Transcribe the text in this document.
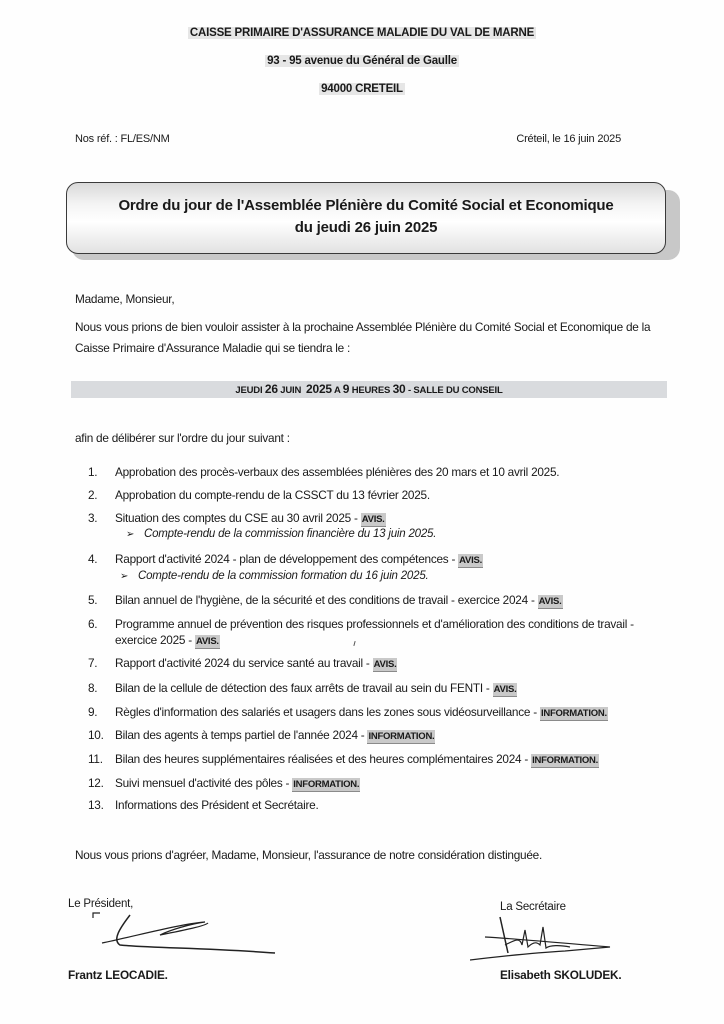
CAISSE PRIMAIRE D'ASSURANCE MALADIE DU VAL DE MARNE
93 - 95 avenue du Général de Gaulle
94000 CRETEIL
Nos réf. : FL/ES/NM	Créteil, le 16 juin 2025
Ordre du jour de l'Assemblée Plénière du Comité Social et Economique
du jeudi 26 juin 2025
Madame, Monsieur,
Nous vous prions de bien vouloir assister à la prochaine Assemblée Plénière du Comité Social et Economique de la Caisse Primaire d'Assurance Maladie qui se tiendra le :
JEUDI 26 JUIN 2025 A 9 HEURES 30 - SALLE DU CONSEIL
afin de délibérer sur l'ordre du jour suivant :
1.	Approbation des procès-verbaux des assemblées plénières des 20 mars et 10 avril 2025.
2.	Approbation du compte-rendu de la CSSCT du 13 février 2025.
3.	Situation des comptes du CSE au 30 avril 2025 - AVIS.
➢ Compte-rendu de la commission financière du 13 juin 2025.
4.	Rapport d'activité 2024 - plan de développement des compétences - AVIS.
➢ Compte-rendu de la commission formation du 16 juin 2025.
5.	Bilan annuel de l'hygiène, de la sécurité et des conditions de travail - exercice 2024 - AVIS.
6.	Programme annuel de prévention des risques professionnels et d'amélioration des conditions de travail -
exercice 2025 - AVIS.
7.	Rapport d'activité 2024 du service santé au travail - AVIS.
8.	Bilan de la cellule de détection des faux arrêts de travail au sein du FENTI - AVIS.
9.	Règles d'information des salariés et usagers dans les zones sous vidéosurveillance - INFORMATION.
10. Bilan des agents à temps partiel de l'année 2024 - INFORMATION.
11.	Bilan des heures supplémentaires réalisées et des heures complémentaires 2024 - INFORMATION.
12. Suivi mensuel d'activité des pôles - INFORMATION.
13. Informations des Président et Secrétaire.
Nous vous prions d'agréer, Madame, Monsieur, l'assurance de notre considération distinguée.
Le Président,
Frantz LEOCADIE.
La Secrétaire
Elisabeth SKOLUDEK.
